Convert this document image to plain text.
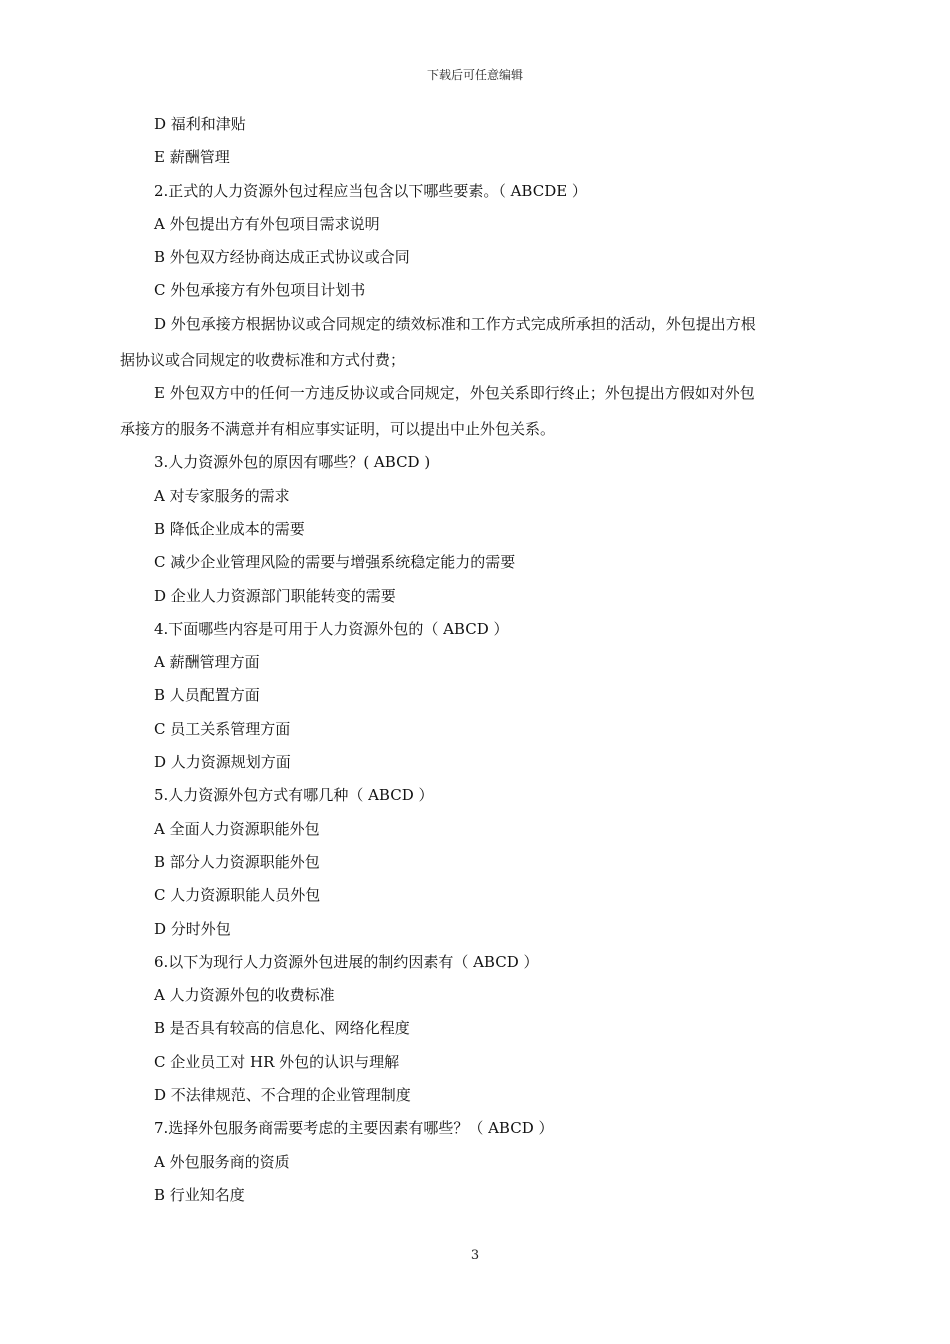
下载后可任意编辑
D 福利和津贴
E 薪酬管理
2.正式的人力资源外包过程应当包含以下哪些要素。（ ABCDE ）
A 外包提出方有外包项目需求说明
B 外包双方经协商达成正式协议或合同
C 外包承接方有外包项目计划书
D 外包承接方根据协议或合同规定的绩效标准和工作方式完成所承担的活动，外包提出方根
据协议或合同规定的收费标准和方式付费；
E 外包双方中的任何一方违反协议或合同规定，外包关系即行终止；外包提出方假如对外包
承接方的服务不满意并有相应事实证明，可以提出中止外包关系。
3.人力资源外包的原因有哪些？( ABCD )
A 对专家服务的需求
B 降低企业成本的需要
C 减少企业管理风险的需要与增强系统稳定能力的需要
D 企业人力资源部门职能转变的需要
4.下面哪些内容是可用于人力资源外包的（ ABCD ）
A 薪酬管理方面
B 人员配置方面
C 员工关系管理方面
D 人力资源规划方面
5.人力资源外包方式有哪几种（ ABCD ）
A 全面人力资源职能外包
B 部分人力资源职能外包
C 人力资源职能人员外包
D 分时外包
6.以下为现行人力资源外包进展的制约因素有（ ABCD ）
A 人力资源外包的收费标准
B 是否具有较高的信息化、网络化程度
C 企业员工对 HR 外包的认识与理解
D 不法律规范、不合理的企业管理制度
7.选择外包服务商需要考虑的主要因素有哪些？（ ABCD ）
A 外包服务商的资质
B 行业知名度
3
